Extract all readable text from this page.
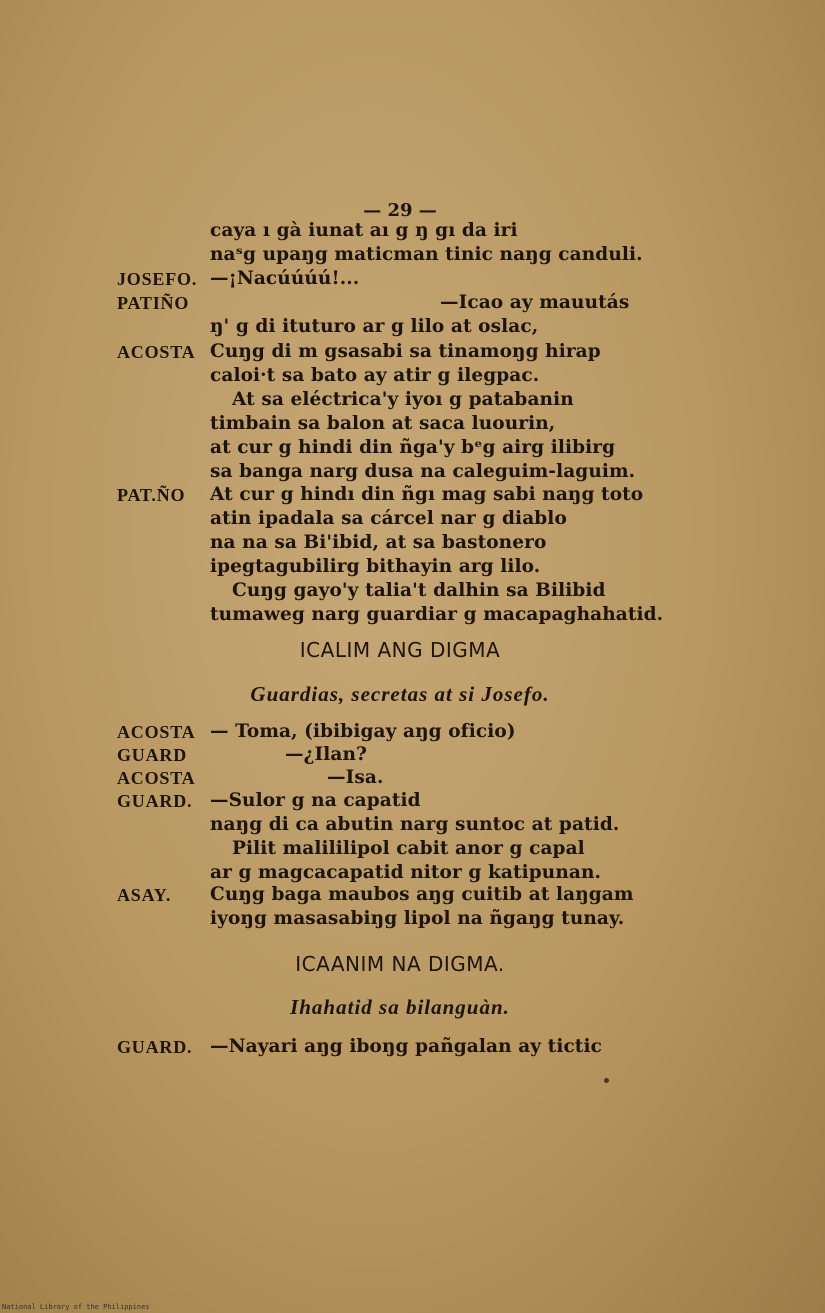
— 29 —
caya ı gà iunat aı g ŋ gı da iri
naˢg upaŋg maticman tinic naŋg canduli.
JOSEFO. —¡Nacúúúú!...
PATIÑO	—Icao ay mauutás
ŋ' g di ituturo ar g lilo at oslac,
ACOSTA Cuŋg di m gsasabi sa tinamoŋg hirap
caloi·t sa bato ay atir g ilegpac.
At sa eléctrica'y iyoı g patabanin
timbain sa balon at saca luourin,
at cur g hindi din ñga'y bᵉg airg ilibirg
sa banga narg dusa na caleguim-laguim.
PAT.ÑO At cur g hindı din ñgı mag sabi naŋg toto
atin ipadala sa cárcel nar g diablo
na na sa Bi'ibid, at sa bastonero
ipegtagubilirg bithayin arg lilo.
Cuŋg gayo'y talia't dalhin sa Bilibid
tumaweg narg guardiar g macapaghahatid.
ICALIM ANG DIGMA
Guardias, secretas at si Josefo.
ACOSTA — Toma, (ibibigay aŋg oficio)
GUARD	—¿Ilan?
ACOSTA	—Isa.
GUARD. —Sulor g na capatid
naŋg di ca abutin narg suntoc at patid.
Pilit malililipol cabit anor g capal
ar g magcacapatid nitor g katipunan.
ASAY. Cuŋg baga maubos aŋg cuitib at laŋgam
iyoŋg masasabiŋg lipol na ñgaŋg tunay.
ICAANIM NA DIGMA.
Ihahatid sa bilanguàn.
GUARD. —Nayari aŋg iboŋg pañgalan ay tictic
National Library of the Philippines
